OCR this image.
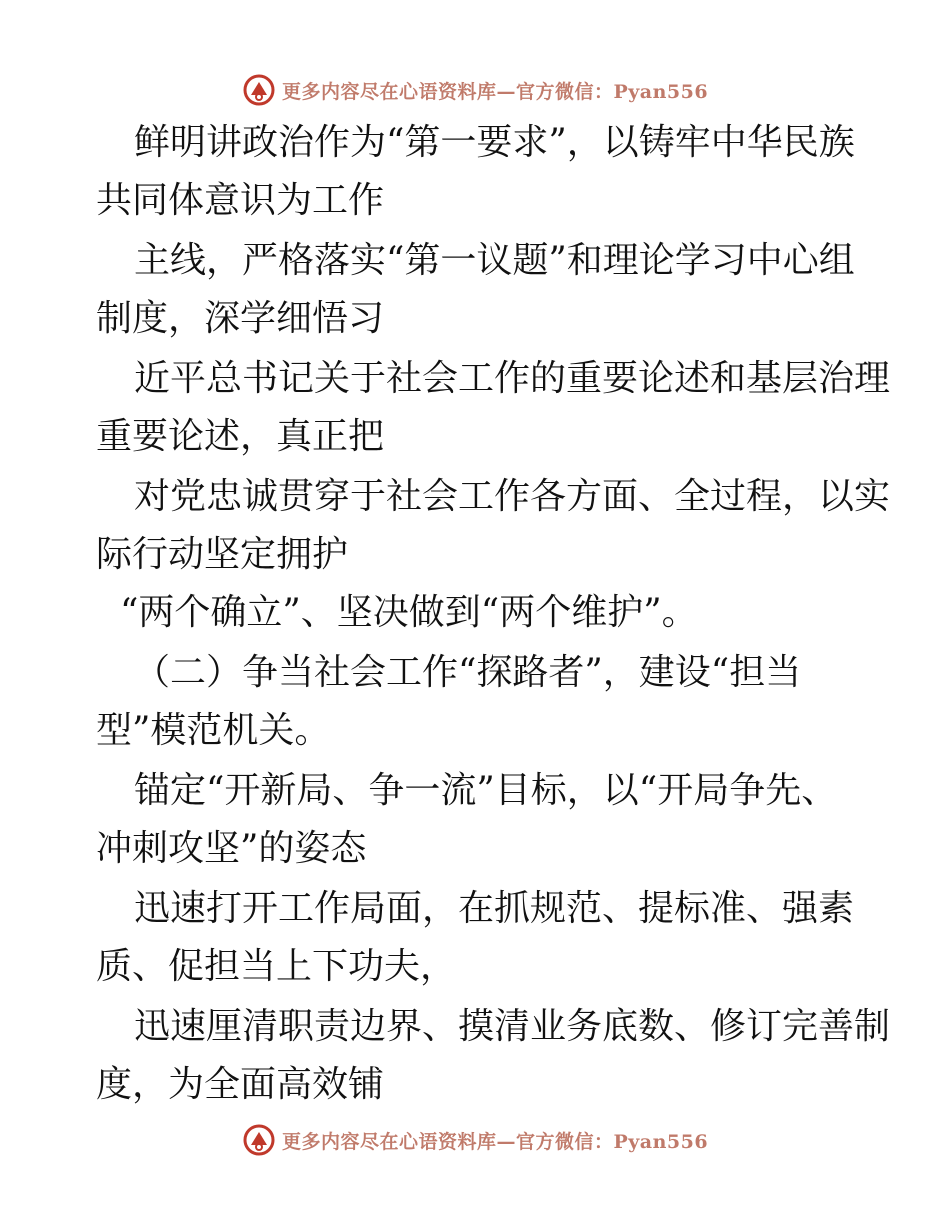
更多内容尽在心语资料库—官方微信：Pyan556
鲜明讲政治作为“第一要求”，以铸牢中华民族
共同体意识为工作
主线，严格落实“第一议题”和理论学习中心组
制度，深学细悟习
近平总书记关于社会工作的重要论述和基层治理
重要论述，真正把
对党忠诚贯穿于社会工作各方面、全过程，以实
际行动坚定拥护
“两个确立”、坚决做到“两个维护”。
（二）争当社会工作“探路者”，建设“担当
型”模范机关。
锚定“开新局、争一流”目标，以“开局争先、
冲刺攻坚”的姿态
迅速打开工作局面，在抓规范、提标准、强素
质、促担当上下功夫，
迅速厘清职责边界、摸清业务底数、修订完善制
度，为全面高效铺
更多内容尽在心语资料库—官方微信：Pyan556
